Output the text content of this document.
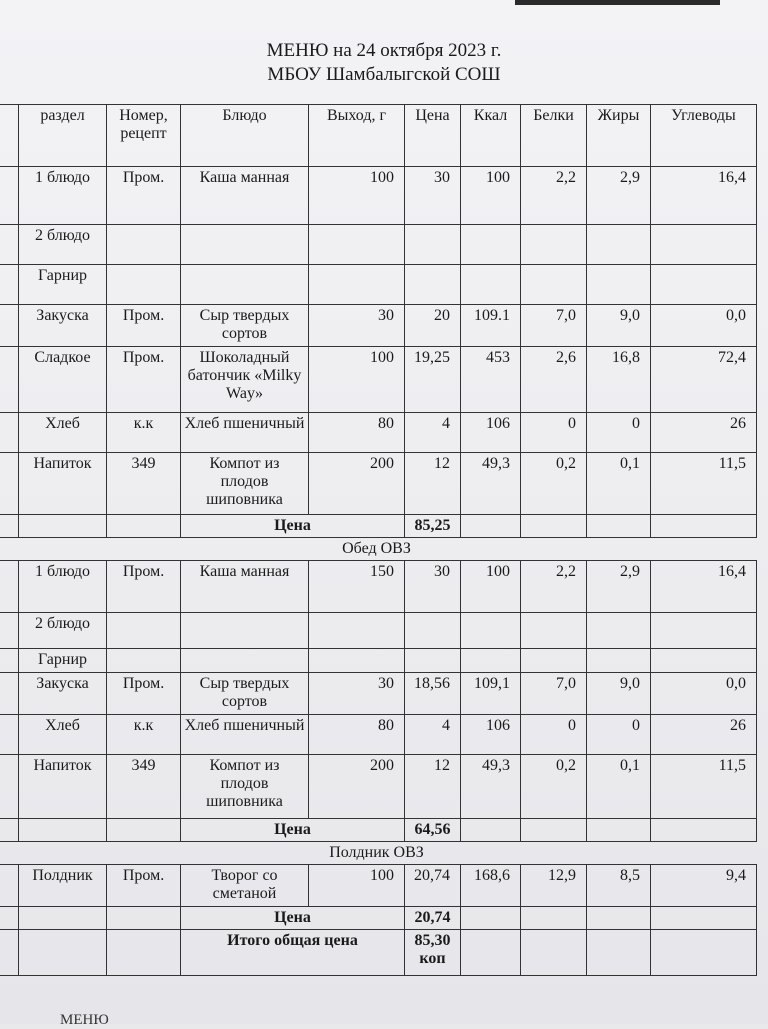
МЕНЮ на 24 октября 2023 г.
МБОУ Шамбалыгской СОШ
	раздел	Номер, рецепт	Блюдо	Выход, г	Цена	Ккал	Белки	Жиры	Углеводы
	1 блюдо	Пром.	Каша манная	100	30	100	2,2	2,9	16,4
	2 блюдо								
	Гарнир								
	Закуска	Пром.	Сыр твердых сортов	30	20	109.1	7,0	9,0	0,0
	Сладкое	Пром.	Шоколадный батончик «Milky Way»	100	19,25	453	2,6	16,8	72,4
	Хлеб	к.к	Хлеб пшеничный	80	4	106	0	0	26
	Напиток	349	Компот из плодов шиповника	200	12	49,3	0,2	0,1	11,5
			Цена		85,25				
Обед ОВЗ									
	1 блюдо	Пром.	Каша манная	150	30	100	2,2	2,9	16,4
	2 блюдо								
	Гарнир								
	Закуска	Пром.	Сыр твердых сортов	30	18,56	109,1	7,0	9,0	0,0
	Хлеб	к.к	Хлеб пшеничный	80	4	106	0	0	26
	Напиток	349	Компот из плодов шиповника	200	12	49,3	0,2	0,1	11,5
			Цена		64,56				
Полдник ОВЗ									
	Полдник	Пром.	Творог со сметаной	100	20,74	168,6	12,9	8,5	9,4
			Цена		20,74				
			Итого общая цена		85,30 коп				
МЕНЮ
